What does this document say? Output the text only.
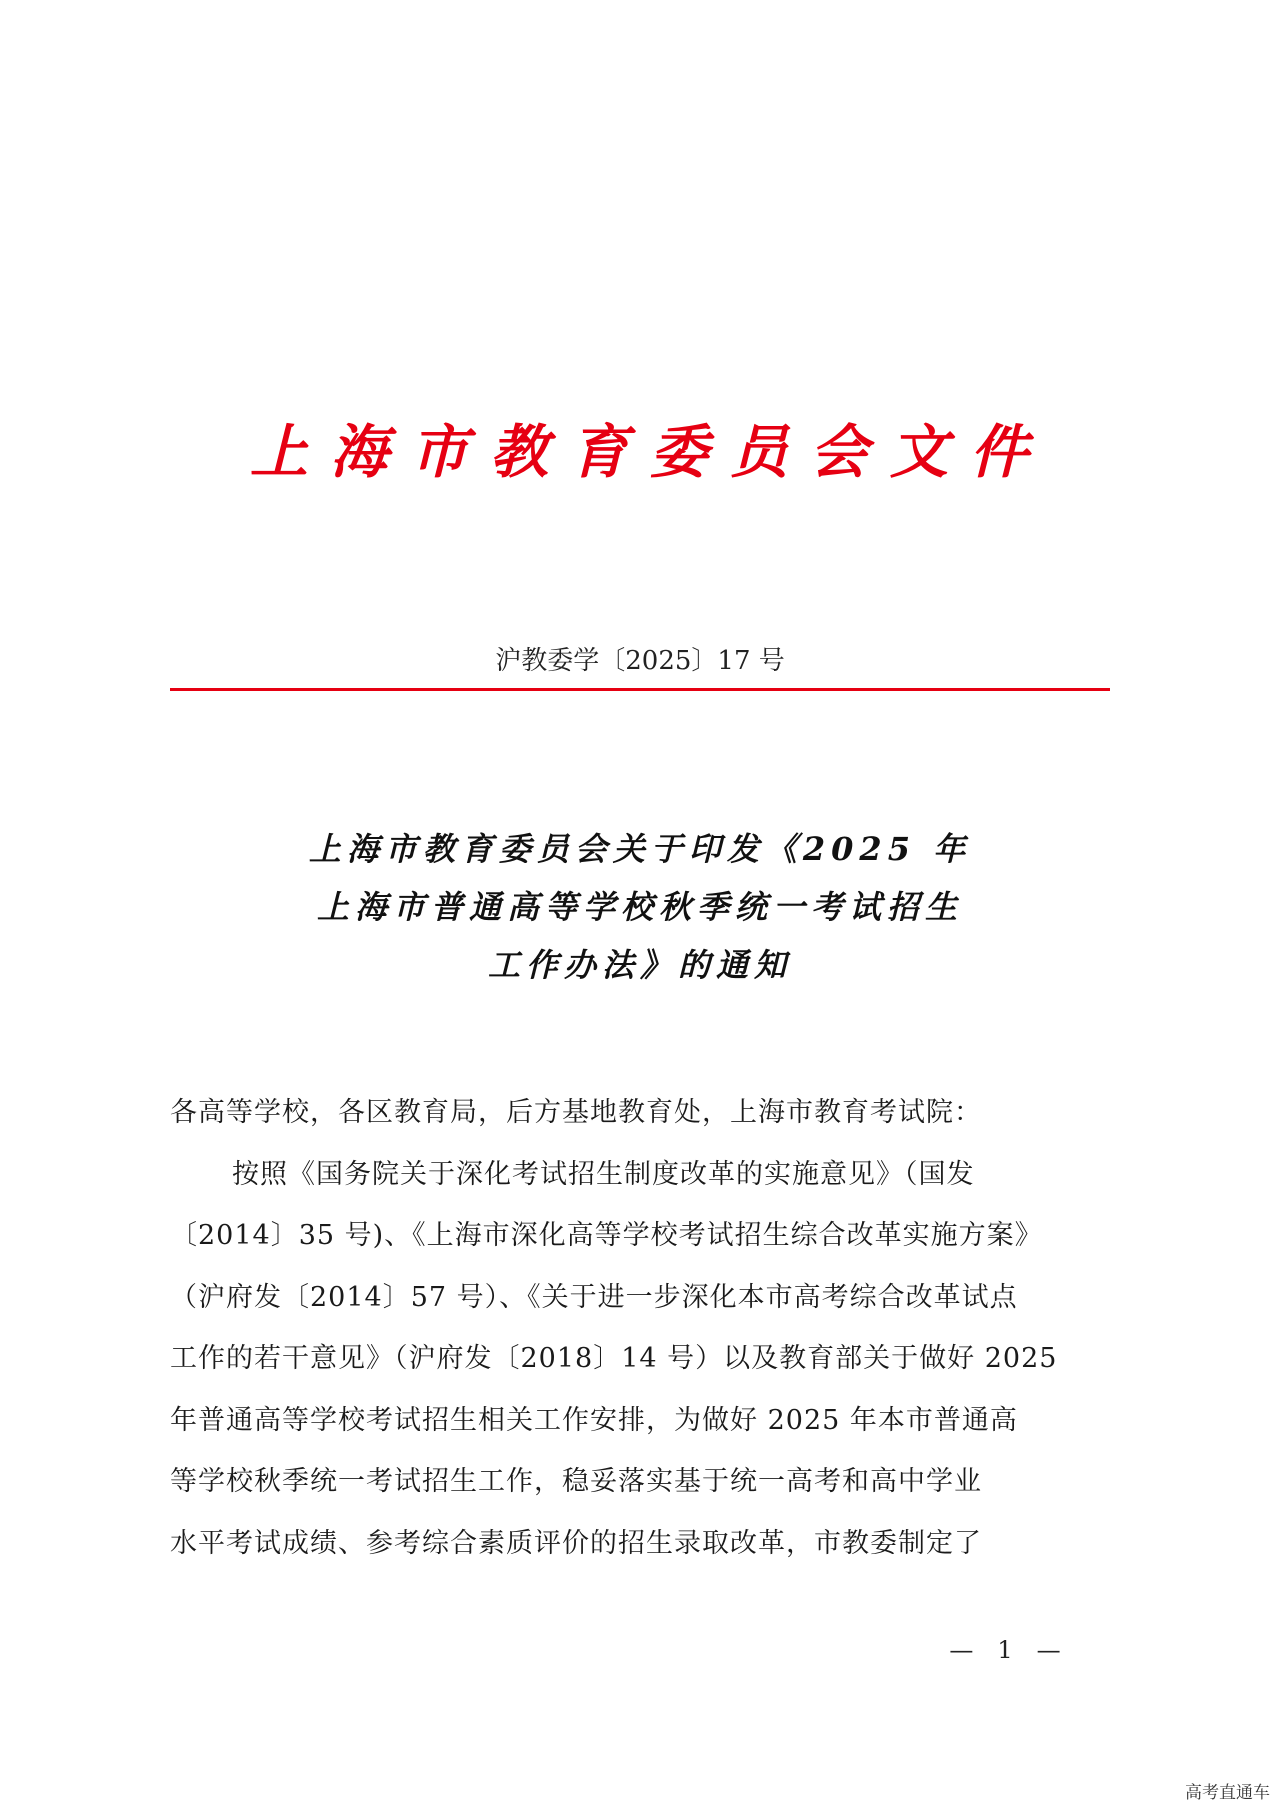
上海市教育委员会文件
沪教委学〔2025〕17 号
上海市教育委员会关于印发《2025 年
上海市普通高等学校秋季统一考试招生
工作办法》的通知
各高等学校，各区教育局，后方基地教育处，上海市教育考试院：
按照《国务院关于深化考试招生制度改革的实施意见》（国发
〔2014〕35 号)、《上海市深化高等学校考试招生综合改革实施方案》
（沪府发〔2014〕57 号）、《关于进一步深化本市高考综合改革试点
工作的若干意见》（沪府发〔2018〕14 号）以及教育部关于做好 2025
年普通高等学校考试招生相关工作安排，为做好 2025 年本市普通高
等学校秋季统一考试招生工作，稳妥落实基于统一高考和高中学业
水平考试成绩、参考综合素质评价的招生录取改革，市教委制定了
—　1　—
高考直通车
